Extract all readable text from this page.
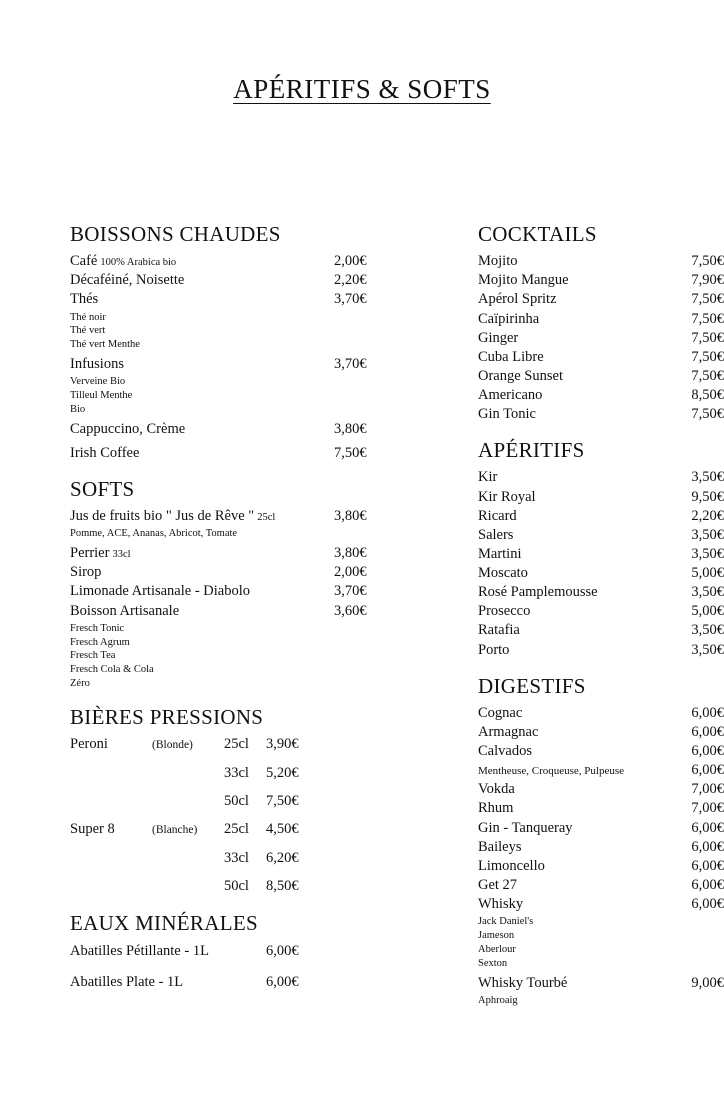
APÉRITIFS & SOFTS
BOISSONS CHAUDES
Café 100% Arabica bio	2,00€
Décaféiné, Noisette	2,20€
Thés	3,70€
Thé noir
Thé vert
Thé vert Menthe
Infusions	3,70€
Verveine Bio
Tilleul Menthe
Bio
Cappuccino, Crème	3,80€
Irish Coffee	7,50€
SOFTS
Jus de fruits bio " Jus de Rêve " 25cl	3,80€
Pomme, ACE, Ananas, Abricot, Tomate
Perrier 33cl	3,80€
Sirop	2,00€
Limonade Artisanale - Diabolo	3,70€
Boisson Artisanale	3,60€
Fresch Tonic
Fresch Agrum
Fresch Tea
Fresch Cola & Cola
Zéro
BIÈRES PRESSIONS
Peroni	(Blonde)	25cl	3,90€
33cl	5,20€
50cl	7,50€
Super 8	(Blanche)	25cl	4,50€
33cl	6,20€
50cl	8,50€
EAUX MINÉRALES
Abatilles Pétillante - 1L	6,00€
Abatilles Plate - 1L	6,00€
COCKTAILS
Mojito	7,50€
Mojito Mangue	7,90€
Apérol Spritz	7,50€
Caïpirinha	7,50€
Ginger	7,50€
Cuba Libre	7,50€
Orange Sunset	7,50€
Americano	8,50€
Gin Tonic	7,50€
APÉRITIFS
Kir	3,50€
Kir Royal	9,50€
Ricard	2,20€
Salers	3,50€
Martini	3,50€
Moscato	5,00€
Rosé Pamplemousse	3,50€
Prosecco	5,00€
Ratafia	3,50€
Porto	3,50€
DIGESTIFS
Cognac	6,00€
Armagnac	6,00€
Calvados	6,00€
Mentheuse, Croqueuse, Pulpeuse	6,00€
Vokda	7,00€
Rhum	7,00€
Gin - Tanqueray	6,00€
Baileys	6,00€
Limoncello	6,00€
Get 27	6,00€
Whisky	6,00€
Jack Daniel's
Jameson
Aberlour
Sexton
Whisky Tourbé	9,00€
Aphroaig
